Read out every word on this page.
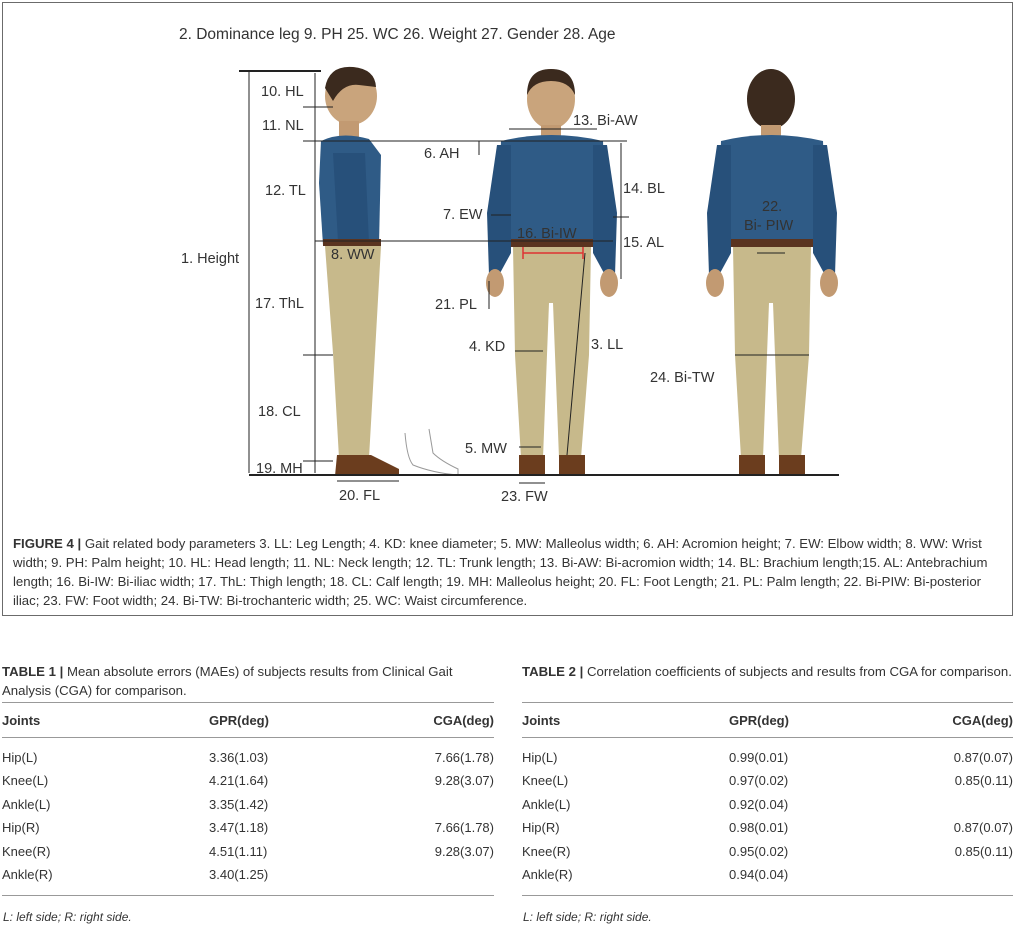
2. Dominance leg 9. PH 25. WC 26. Weight 27. Gender 28. Age
10. HL
11. NL
12. TL
1. Height
17. ThL
18. CL
19. MH
20. FL
8. WW
6. AH
13. Bi-AW
7. EW
16. Bi-IW
14. BL
15. AL
21. PL
4. KD	3. LL
5. MW
23. FW
22.
Bi- PIW
24. Bi-TW
FIGURE 4 | Gait related body parameters 3. LL: Leg Length; 4. KD: knee diameter; 5. MW: Malleolus width; 6. AH: Acromion height; 7. EW: Elbow width; 8. WW: Wrist width; 9. PH: Palm height; 10. HL: Head length; 11. NL: Neck length; 12. TL: Trunk length; 13. Bi-AW: Bi-acromion width; 14. BL: Brachium length;15. AL: Antebrachium length; 16. Bi-IW: Bi-iliac width; 17. ThL: Thigh length; 18. CL: Calf length; 19. MH: Malleolus height; 20. FL: Foot Length; 21. PL: Palm length; 22. Bi-PIW: Bi-posterior iliac; 23. FW: Foot width; 24. Bi-TW: Bi-trochanteric width; 25. WC: Waist circumference.
TABLE 1 | Mean absolute errors (MAEs) of subjects results from Clinical Gait Analysis (CGA) for comparison.
Joints	GPR(deg)	CGA(deg)
Hip(L)	3.36(1.03)	7.66(1.78)
Knee(L)	4.21(1.64)	9.28(3.07)
Ankle(L)	3.35(1.42)	
Hip(R)	3.47(1.18)	7.66(1.78)
Knee(R)	4.51(1.11)	9.28(3.07)
Ankle(R)	3.40(1.25)	
L: left side; R: right side.		
TABLE 2 | Correlation coefficients of subjects and results from CGA for comparison.
Joints	GPR(deg)	CGA(deg)
Hip(L)	0.99(0.01)	0.87(0.07)
Knee(L)	0.97(0.02)	0.85(0.11)
Ankle(L)	0.92(0.04)	
Hip(R)	0.98(0.01)	0.87(0.07)
Knee(R)	0.95(0.02)	0.85(0.11)
Ankle(R)	0.94(0.04)	
L: left side; R: right side.		
